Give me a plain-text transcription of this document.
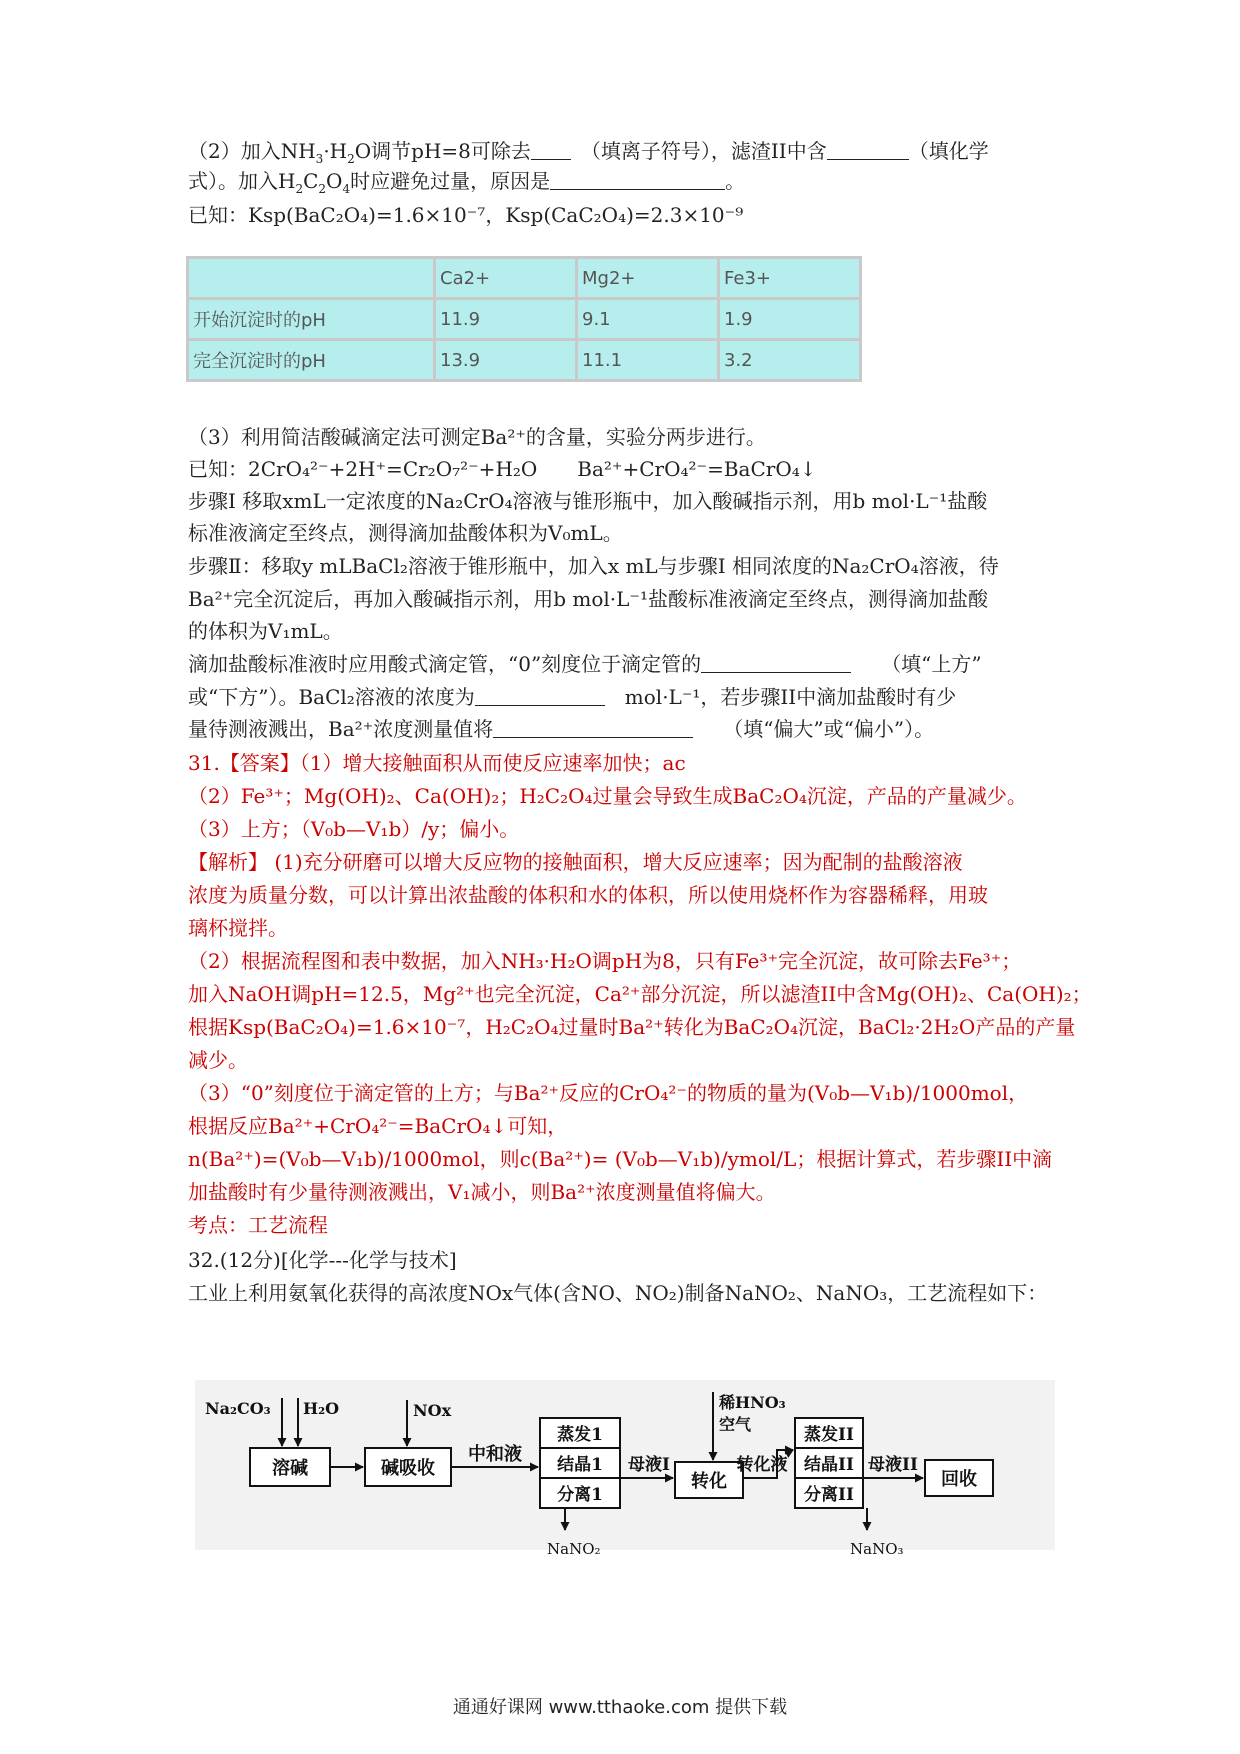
（2）加入$NH_3\cdot H_2O$调节pH=8可除去　	（填离子符号），滤渣II中含	（填化学
式）。加入$H_2C_2O_4$时应避免过量，原因是	。
已知：Ksp(BaC₂O₄)=1.6×10⁻⁷，Ksp(CaC₂O₄)=2.3×10⁻⁹
	Ca2+	Mg2+	Fe3+
开始沉淀时的pH	11.9	9.1	1.9
完全沉淀时的pH	13.9	11.1	3.2
（3）利用简洁酸碱滴定法可测定Ba²⁺的含量，实验分两步进行。
已知：2CrO₄²⁻+2H⁺=Cr₂O₇²⁻+H₂O　　Ba²⁺+CrO₄²⁻=BaCrO₄↓
步骤Ⅰ 移取xmL一定浓度的Na₂CrO₄溶液与锥形瓶中，加入酸碱指示剂，用b mol·L⁻¹盐酸
标准液滴定至终点，测得滴加盐酸体积为V₀mL。
步骤Ⅱ：移取y mLBaCl₂溶液于锥形瓶中，加入x mL与步骤Ⅰ 相同浓度的Na₂CrO₄溶液，待
Ba²⁺完全沉淀后，再加入酸碱指示剂，用b mol·L⁻¹盐酸标准液滴定至终点，测得滴加盐酸
的体积为V₁mL。
滴加盐酸标准液时应用酸式滴定管，“0”刻度位于滴定管的　　	（填“上方”
或“下方”）。BaCl₂溶液的浓度为　	mol·L⁻¹，若步骤II中滴加盐酸时有少
量待测液溅出，Ba²⁺浓度测量值将　　	（填“偏大”或“偏小”）。
31.【答案】（1）增大接触面积从而使反应速率加快；ac
（2）Fe³⁺；Mg(OH)₂、Ca(OH)₂；H₂C₂O₄过量会导致生成BaC₂O₄沉淀，产品的产量减少。
（3）上方；（V₀b—V₁b）/y；偏小。
【解析】 (1)充分研磨可以增大反应物的接触面积，增大反应速率；因为配制的盐酸溶液
浓度为质量分数，可以计算出浓盐酸的体积和水的体积，所以使用烧杯作为容器稀释，用玻
璃杯搅拌。
（2）根据流程图和表中数据，加入NH₃·H₂O调pH为8，只有Fe³⁺完全沉淀，故可除去Fe³⁺；
加入NaOH调pH=12.5，Mg²⁺也完全沉淀，Ca²⁺部分沉淀，所以滤渣II中含Mg(OH)₂、Ca(OH)₂；
根据Ksp(BaC₂O₄)=1.6×10⁻⁷，H₂C₂O₄过量时Ba²⁺转化为BaC₂O₄沉淀，BaCl₂·2H₂O产品的产量
减少。
（3）“0”刻度位于滴定管的上方；与Ba²⁺反应的CrO₄²⁻的物质的量为(V₀b—V₁b)/1000mol，
根据反应Ba²⁺+CrO₄²⁻=BaCrO₄↓可知，
n(Ba²⁺)=(V₀b—V₁b)/1000mol，则c(Ba²⁺)= (V₀b—V₁b)/ymol/L；根据计算式，若步骤II中滴
加盐酸时有少量待测液溅出，V₁减小，则Ba²⁺浓度测量值将偏大。
考点：工艺流程
32.(12分)[化学---化学与技术]
工业上利用氨氧化获得的高浓度NOx气体(含NO、NO₂)制备NaNO₂、NaNO₃，工艺流程如下：
Na₂CO₃ H₂O
溶碱
NOx
碱吸收
中和液
蒸发1
结晶1
分离1
母液I
NaNO₂
稀HNO₃
空气
转化
转化液
蒸发II
结晶II
分离II
母液II
NaNO₃
回收
通通好课网 www.tthaoke.com 提供下载
